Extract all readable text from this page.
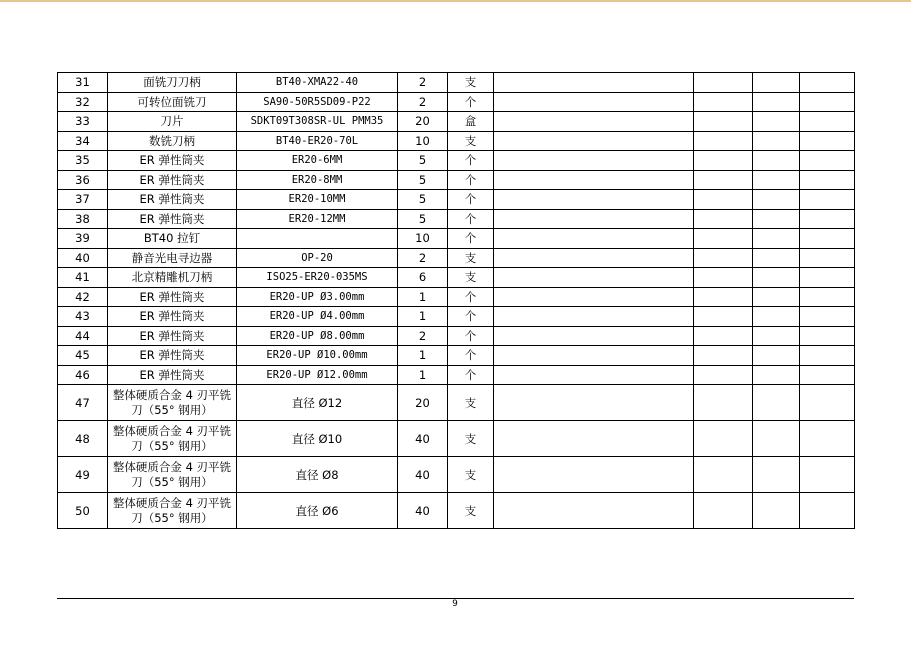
31	面铣刀刀柄	BT40-XMA22-40	2	支				
32	可转位面铣刀	SA90-50R5SD09-P22	2	个				
33	刀片	SDKT09T308SR-UL PMM35	20	盒				
34	数铣刀柄	BT40-ER20-70L	10	支				
35	ER 弹性筒夹	ER20-6MM	5	个				
36	ER 弹性筒夹	ER20-8MM	5	个				
37	ER 弹性筒夹	ER20-10MM	5	个				
38	ER 弹性筒夹	ER20-12MM	5	个				
39	BT40 拉钉		10	个				
40	静音光电寻边器	OP-20	2	支				
41	北京精雕机刀柄	ISO25-ER20-035MS	6	支				
42	ER 弹性筒夹	ER20-UP Ø3.00mm	1	个				
43	ER 弹性筒夹	ER20-UP Ø4.00mm	1	个				
44	ER 弹性筒夹	ER20-UP Ø8.00mm	2	个				
45	ER 弹性筒夹	ER20-UP Ø10.00mm	1	个				
46	ER 弹性筒夹	ER20-UP Ø12.00mm	1	个				
47	整体硬质合金 4 刃平铣刀（55° 钢用）	直径 Ø12	20	支				
48	整体硬质合金 4 刃平铣刀（55° 钢用）	直径 Ø10	40	支				
49	整体硬质合金 4 刃平铣刀（55° 钢用）	直径 Ø8	40	支				
50	整体硬质合金 4 刃平铣刀（55° 钢用）	直径 Ø6	40	支				
9
